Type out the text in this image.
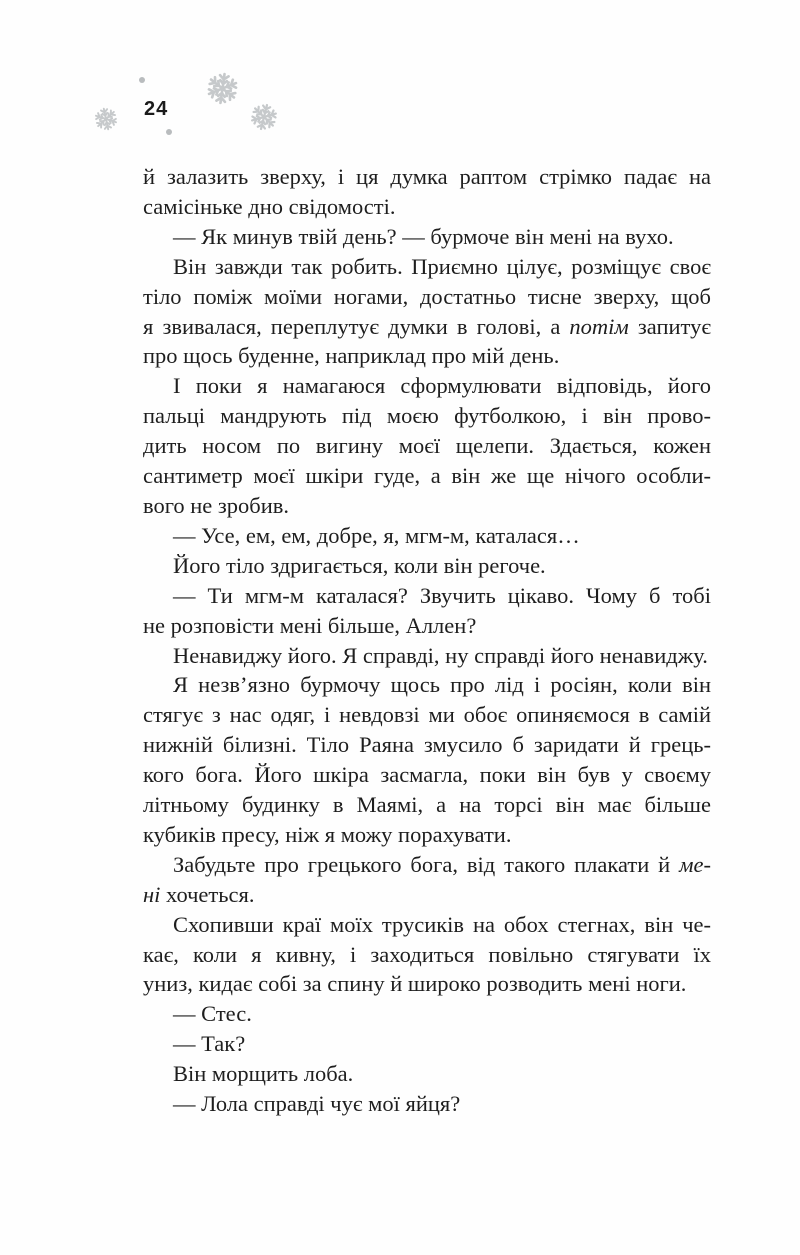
24
й залазить зверху, і ця думка раптом стрімко падає на
самісіньке дно свідомості.
— Як минув твій день? — бурмоче він мені на вухо.
Він завжди так робить. Приємно цілує, розміщує своє
тіло поміж моїми ногами, достатньо тисне зверху, щоб
я звивалася, переплутує думки в голові, а потім запитує
про щось буденне, наприклад про мій день.
І поки я намагаюся сформулювати відповідь, його
пальці мандрують під моєю футболкою, і він прово-
дить носом по вигину моєї щелепи. Здається, кожен
сантиметр моєї шкіри гуде, а він же ще нічого особли-
вого не зробив.
— Усе, ем, ем, добре, я, мгм-м, каталася…
Його тіло здригається, коли він регоче.
— Ти мгм-м каталася? Звучить цікаво. Чому б тобі
не розповісти мені більше, Аллен?
Ненавиджу його. Я справді, ну справді його ненавиджу.
Я незв’язно бурмочу щось про лід і росіян, коли він
стягує з нас одяг, і невдовзі ми обоє опиняємося в самій
нижній білизні. Тіло Раяна змусило б заридати й грець-
кого бога. Його шкіра засмагла, поки він був у своєму
літньому будинку в Маямі, а на торсі він має більше
кубиків пресу, ніж я можу порахувати.
Забудьте про грецького бога, від такого плакати й ме-
ні хочеться.
Схопивши краї моїх трусиків на обох стегнах, він че-
кає, коли я кивну, і заходиться повільно стягувати їх
униз, кидає собі за спину й широко розводить мені ноги.
— Стес.
— Так?
Він морщить лоба.
— Лола справді чує мої яйця?
